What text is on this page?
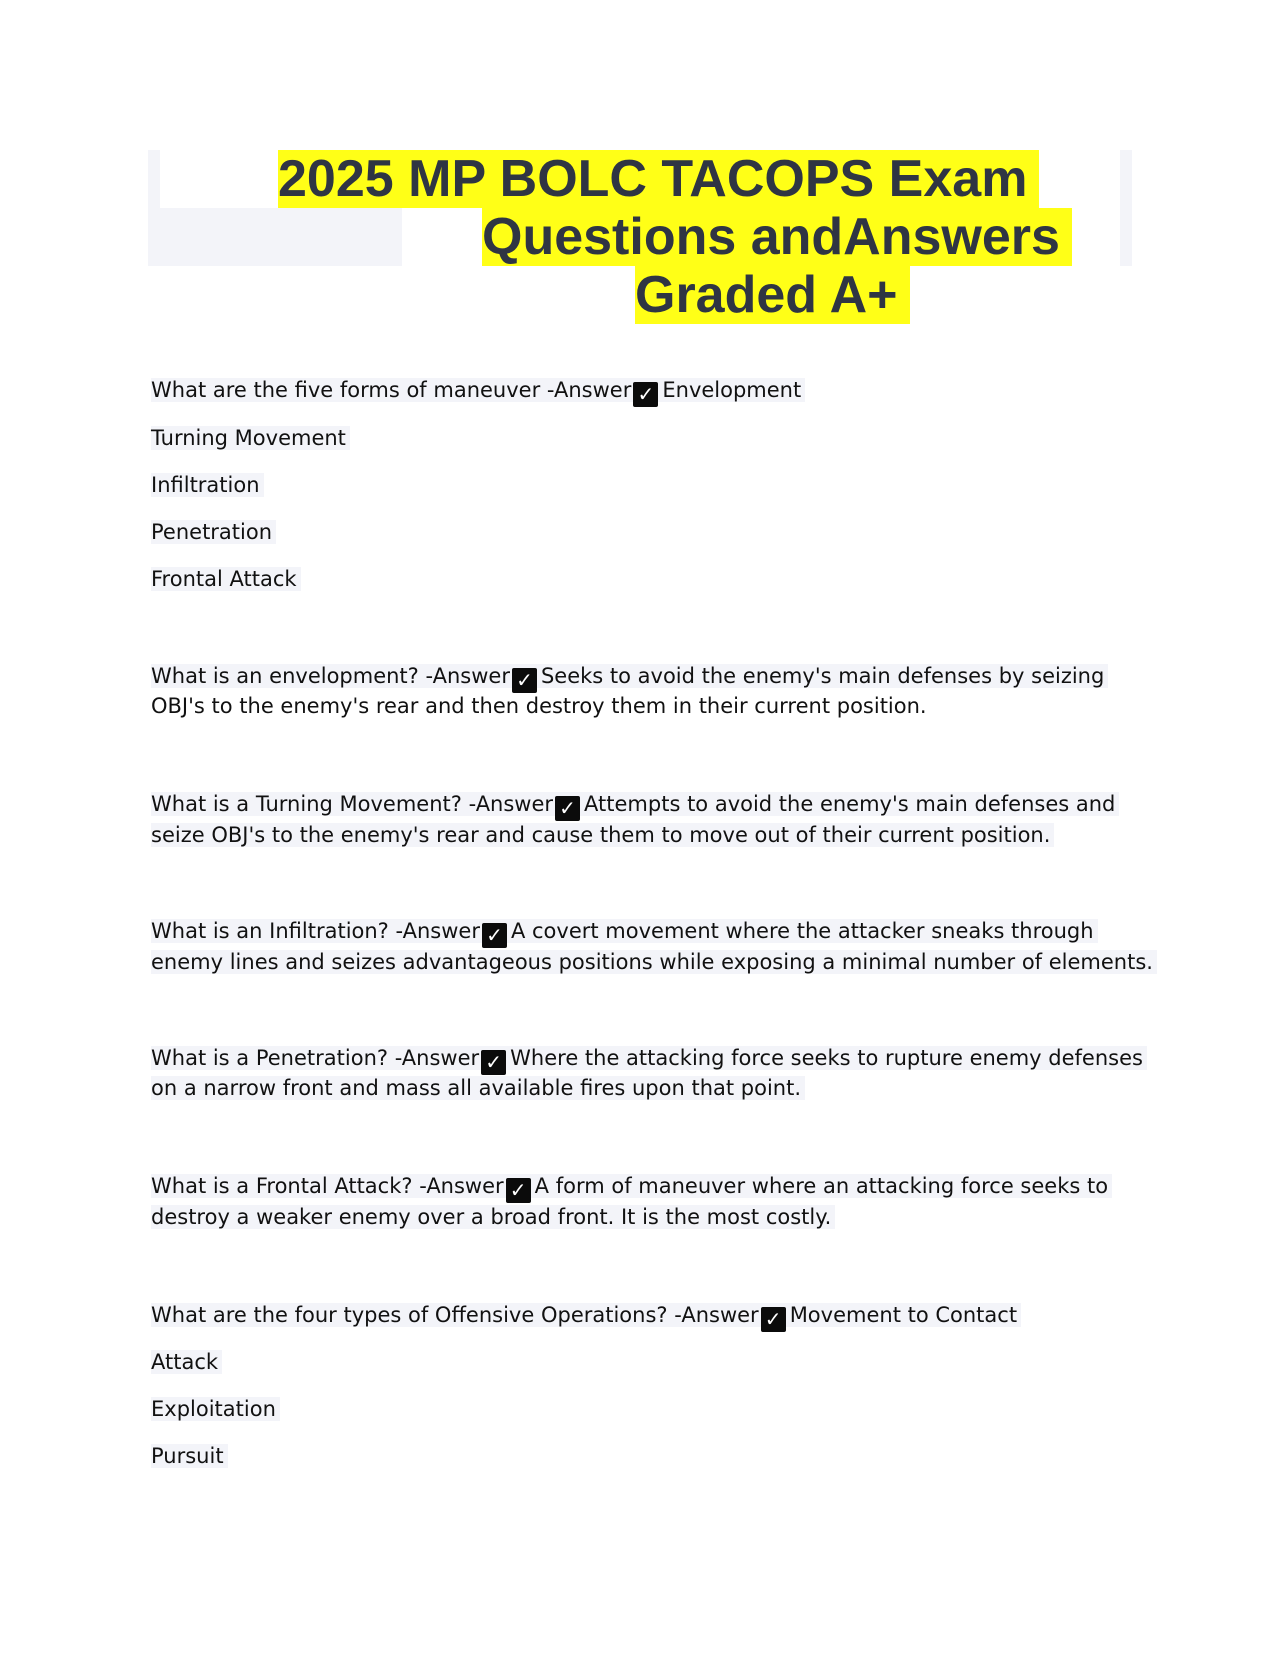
2025 MP BOLC TACOPS Exam
Questions andAnswers
Graded A+
What are the five forms of maneuver -Answer ✓ Envelopment
Turning Movement
Infiltration
Penetration
Frontal Attack
What is an envelopment? -Answer ✓ Seeks to avoid the enemy's main defenses by seizing
OBJ's to the enemy's rear and then destroy them in their current position.
What is a Turning Movement? -Answer ✓ Attempts to avoid the enemy's main defenses and
seize OBJ's to the enemy's rear and cause them to move out of their current position.
What is an Infiltration? -Answer ✓ A covert movement where the attacker sneaks through
enemy lines and seizes advantageous positions while exposing a minimal number of elements.
What is a Penetration? -Answer ✓ Where the attacking force seeks to rupture enemy defenses
on a narrow front and mass all available fires upon that point.
What is a Frontal Attack? -Answer ✓ A form of maneuver where an attacking force seeks to
destroy a weaker enemy over a broad front. It is the most costly.
What are the four types of Offensive Operations? -Answer ✓ Movement to Contact
Attack
Exploitation
Pursuit
